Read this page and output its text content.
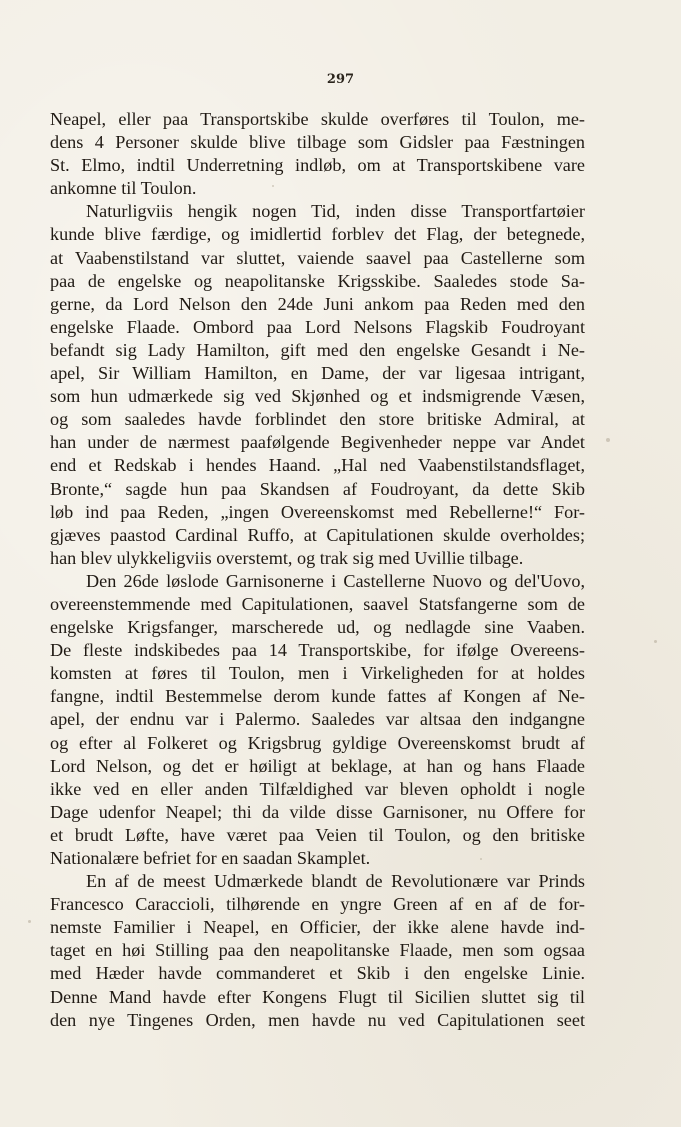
297
Neapel, eller paa Transportskibe skulde overføres til Toulon, me-
dens 4 Personer skulde blive tilbage som Gidsler paa Fæstningen
St. Elmo, indtil Underretning indløb, om at Transportskibene vare
ankomne til Toulon.
Naturligviis hengik nogen Tid, inden disse Transportfartøier
kunde blive færdige, og imidlertid forblev det Flag, der betegnede,
at Vaabenstilstand var sluttet, vaiende saavel paa Castellerne som
paa de engelske og neapolitanske Krigsskibe. Saaledes stode Sa-
gerne, da Lord Nelson den 24de Juni ankom paa Reden med den
engelske Flaade. Ombord paa Lord Nelsons Flagskib Foudroyant
befandt sig Lady Hamilton, gift med den engelske Gesandt i Ne-
apel, Sir William Hamilton, en Dame, der var ligesaa intrigant,
som hun udmærkede sig ved Skjønhed og et indsmigrende Væsen,
og som saaledes havde forblindet den store britiske Admiral, at
han under de nærmest paafølgende Begivenheder neppe var Andet
end et Redskab i hendes Haand. „Hal ned Vaabenstilstandsflaget,
Bronte,“ sagde hun paa Skandsen af Foudroyant, da dette Skib
løb ind paa Reden, „ingen Overeenskomst med Rebellerne!“ For-
gjæves paastod Cardinal Ruffo, at Capitulationen skulde overholdes;
han blev ulykkeligviis overstemt, og trak sig med Uvillie tilbage.
Den 26de løslode Garnisonerne i Castellerne Nuovo og del'Uovo,
overeenstemmende med Capitulationen, saavel Statsfangerne som de
engelske Krigsfanger, marscherede ud, og nedlagde sine Vaaben.
De fleste indskibedes paa 14 Transportskibe, for ifølge Overeens-
komsten at føres til Toulon, men i Virkeligheden for at holdes
fangne, indtil Bestemmelse derom kunde fattes af Kongen af Ne-
apel, der endnu var i Palermo. Saaledes var altsaa den indgangne
og efter al Folkeret og Krigsbrug gyldige Overeenskomst brudt af
Lord Nelson, og det er høiligt at beklage, at han og hans Flaade
ikke ved en eller anden Tilfældighed var bleven opholdt i nogle
Dage udenfor Neapel; thi da vilde disse Garnisoner, nu Offere for
et brudt Løfte, have været paa Veien til Toulon, og den britiske
Nationalære befriet for en saadan Skamplet.
En af de meest Udmærkede blandt de Revolutionære var Prinds
Francesco Caraccioli, tilhørende en yngre Green af en af de for-
nemste Familier i Neapel, en Officier, der ikke alene havde ind-
taget en høi Stilling paa den neapolitanske Flaade, men som ogsaa
med Hæder havde commanderet et Skib i den engelske Linie.
Denne Mand havde efter Kongens Flugt til Sicilien sluttet sig til
den nye Tingenes Orden, men havde nu ved Capitulationen seet
